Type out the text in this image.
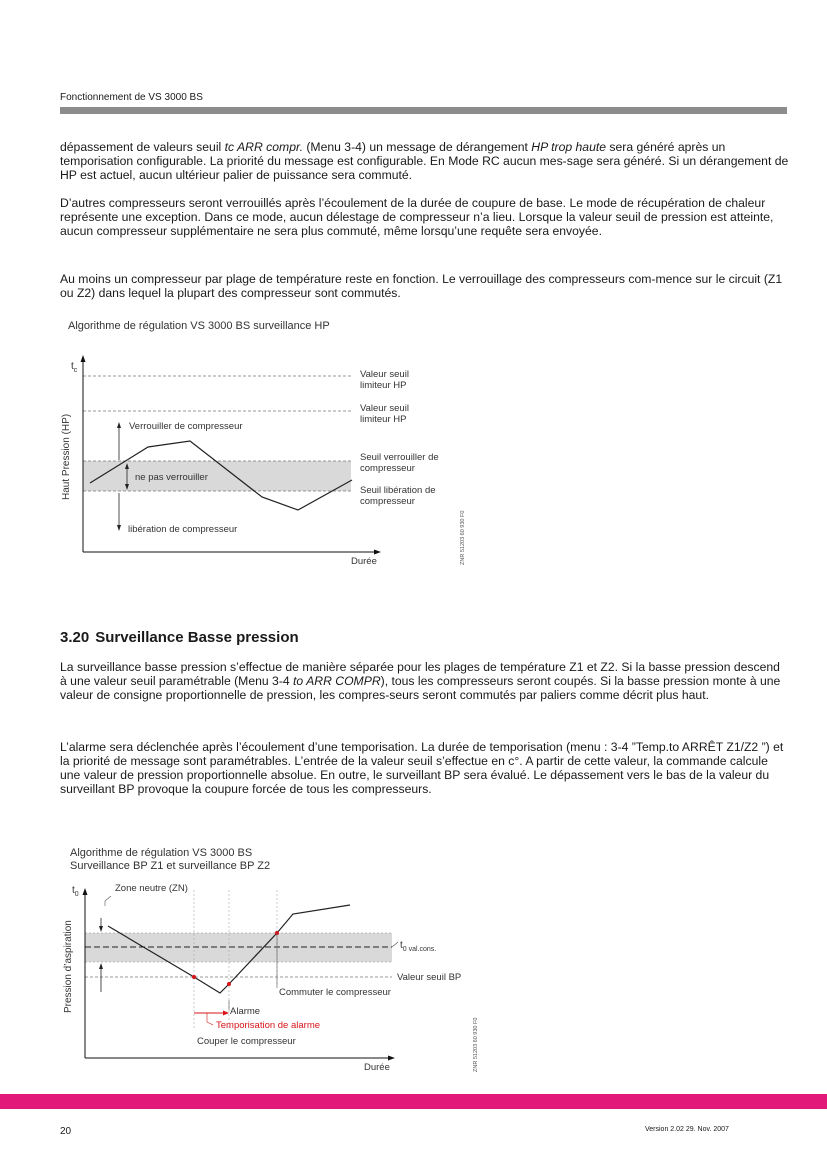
Fonctionnement de VS 3000 BS

dépassement de valeurs seuil tc ARR compr. (Menu 3-4) un message de dérangement HP trop haute sera généré après un temporisation configurable. La priorité du message est configurable. En Mode RC aucun mes-sage sera généré. Si un dérangement de HP est actuel, aucun ultérieur palier de puissance sera commuté.

D’autres compresseurs seront verrouillés après l’écoulement de la durée de coupure de base. Le mode de récupération de chaleur représente une exception. Dans ce mode, aucun délestage de compresseur n’a lieu. Lorsque la valeur seuil de pression est atteinte, aucun compresseur supplémentaire ne sera plus commuté, même lorsqu’une requête sera envoyée.

Au moins un compresseur par plage de température reste en fonction. Le verrouillage des compresseurs com-mence sur le circuit (Z1 ou Z2) dans lequel la plupart des compresseur sont commutés.

Algorithme de régulation VS 3000 BS surveillance HP
$t_c$
Haut Pression (HP)
Valeur seuil
limiteur HP
Valeur seuil
limiteur HP
Seuil verrouiller de
compresseur
Seuil libération de
compresseur
Verrouiller de compresseur
ne pas verrouiller
libération de compresseur
Durée	ZNR 51203 60 930 F0
3.20 Surveillance Basse pression

La surveillance basse pression s’effectue de manière séparée pour les plages de température Z1 et Z2. Si la basse pression descend à une valeur seuil paramétrable (Menu 3-4 to ARR COMPR), tous les compresseurs seront coupés. Si la basse pression monte à une valeur de consigne proportionnelle de pression, les compres-seurs seront commutés par paliers comme décrit plus haut.

L’alarme sera déclenchée après l’écoulement d’une temporisation. La durée de temporisation (menu : 3-4 ”Temp.to ARRÊT Z1/Z2 ”) et la priorité de message sont paramétrables. L’entrée de la valeur seuil s’effectue en c°. A partir de cette valeur, la commande calcule une valeur de pression proportionnelle absolue. En outre, le surveillant BP sera évalué. Le dépassement vers le bas de la valeur du surveillant BP provoque la coupure forcée de tous les compresseurs.

Algorithme de régulation VS 3000 BS
Surveillance BP Z1 et surveillance BP Z2
$t_0$
Zone neutre (ZN)
Pression d’aspiration	$t_{0 val.cons.}$
Valeur seuil BP
Commuter le compresseur
Alarme
Temporisation de alarme
Couper le compresseur
Durée	ZNR 51203 60 930 F0
20	Version 2.02 29. Nov. 2007
